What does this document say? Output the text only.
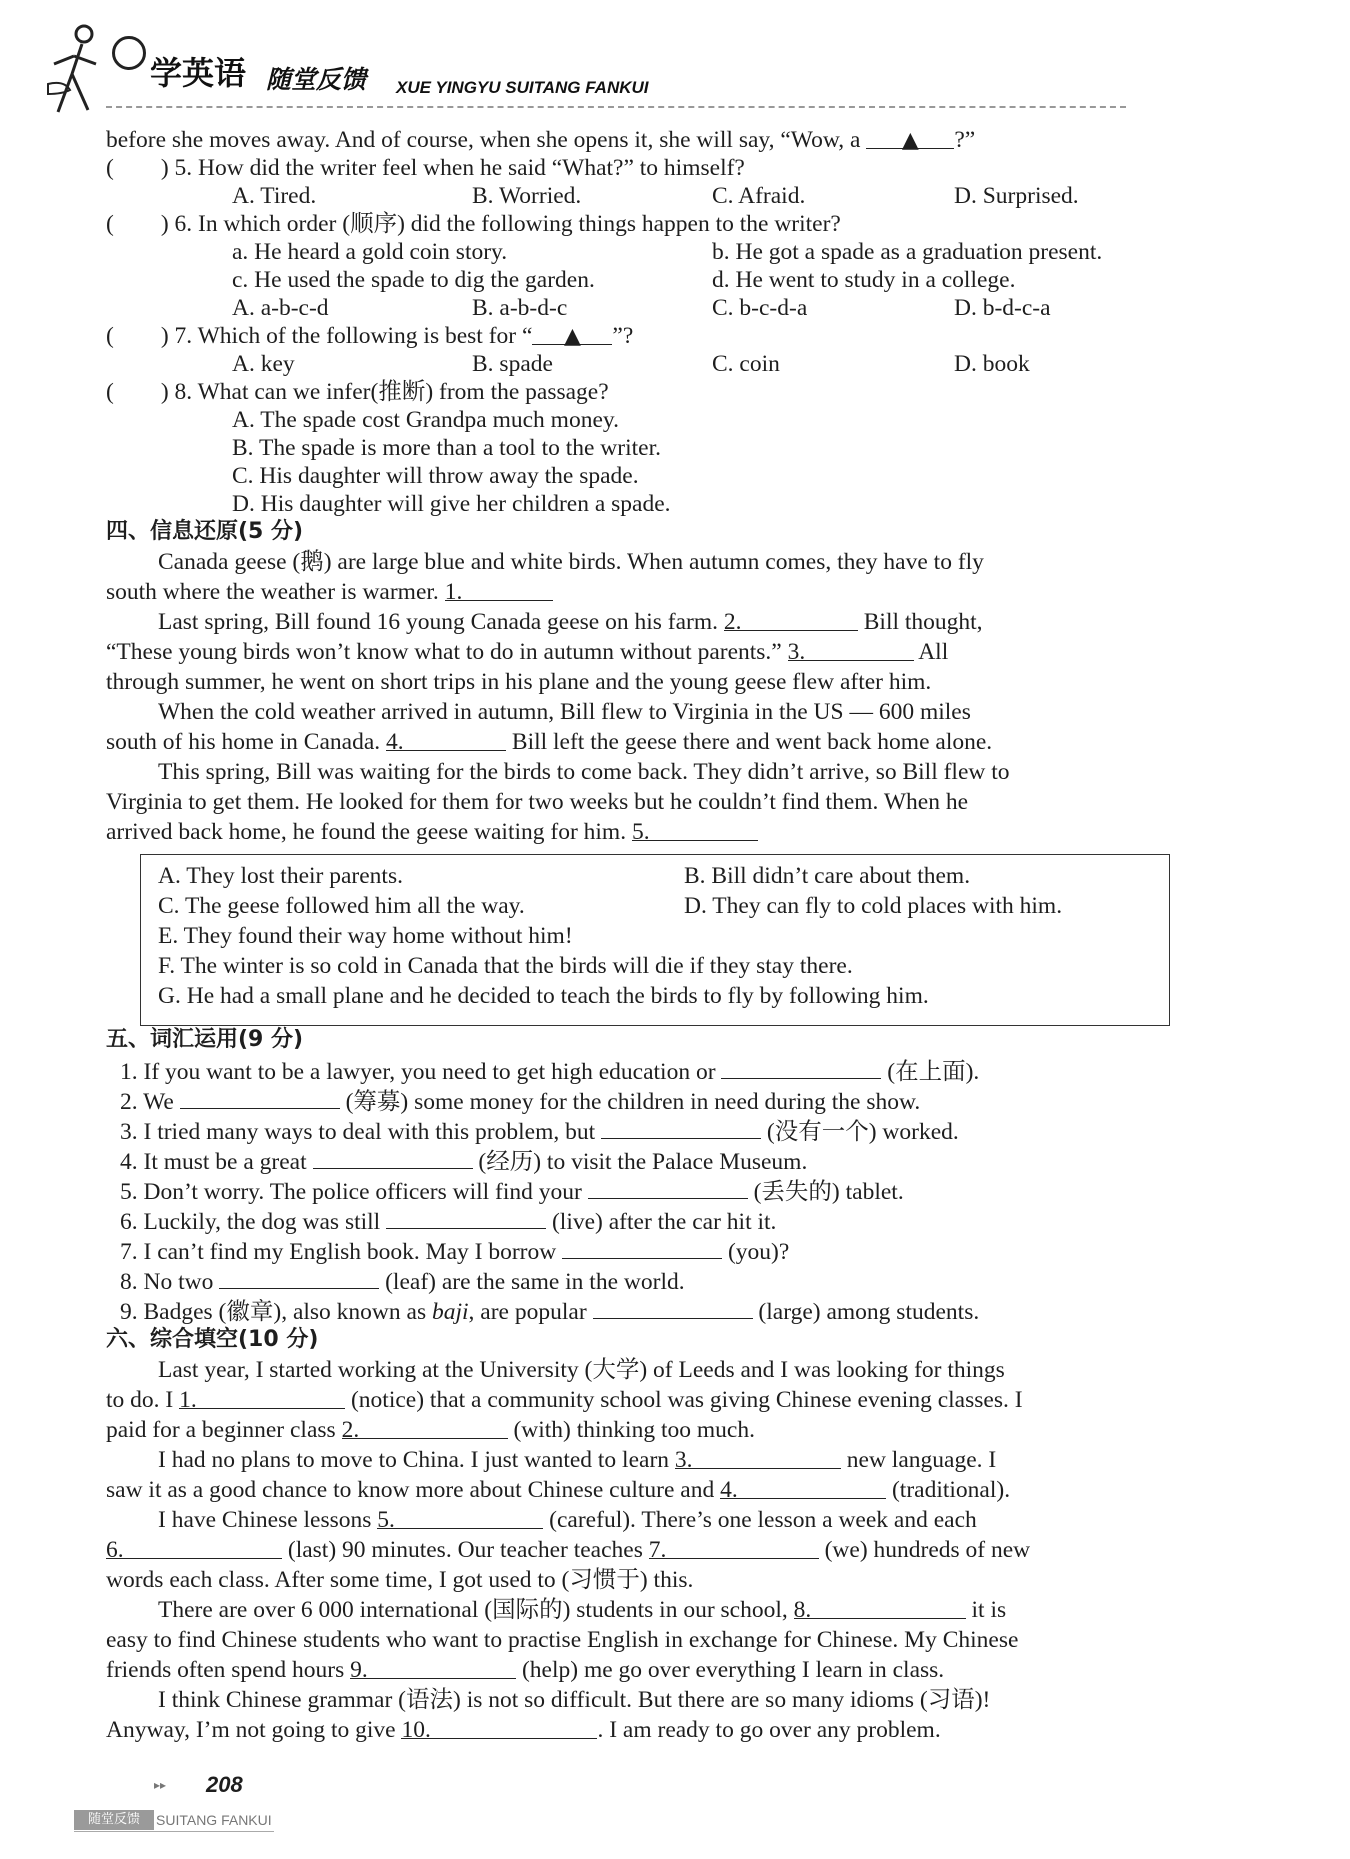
学英语 随堂反馈 XUE YINGYU SUITANG FANKUI
before she moves away. And of course, when she opens it, she will say, “Wow, a ▲ ?”
(　　) 5. How did the writer feel when he said “What?” to himself?
A. Tired.	B. Worried.	C. Afraid.	D. Surprised.
(　　) 6. In which order (顺序) did the following things happen to the writer?
a. He heard a gold coin story.	b. He got a spade as a graduation present.
c. He used the spade to dig the garden.	d. He went to study in a college.
A. a-b-c-d	B. a-b-d-c	C. b-c-d-a	D. b-d-c-a
(　　) 7. Which of the following is best for “ ▲ ”?
A. key	B. spade	C. coin	D. book
(　　) 8. What can we infer(推断) from the passage?
A. The spade cost Grandpa much money.
B. The spade is more than a tool to the writer.
C. His daughter will throw away the spade.
D. His daughter will give her children a spade.
四、信息还原(5 分)
Canada geese (鹅) are large blue and white birds. When autumn comes, they have to fly
south where the weather is warmer. 1.
Last spring, Bill found 16 young Canada geese on his farm. 2.	Bill thought,
“These young birds won’t know what to do in autumn without parents.” 3.	All
through summer, he went on short trips in his plane and the young geese flew after him.
When the cold weather arrived in autumn, Bill flew to Virginia in the US — 600 miles
south of his home in Canada. 4.	Bill left the geese there and went back home alone.
This spring, Bill was waiting for the birds to come back. They didn’t arrive, so Bill flew to
Virginia to get them. He looked for them for two weeks but he couldn’t find them. When he
arrived back home, he found the geese waiting for him. 5.
A. They lost their parents.	B. Bill didn’t care about them.
C. The geese followed him all the way.	D. They can fly to cold places with him.
E. They found their way home without him!
F. The winter is so cold in Canada that the birds will die if they stay there.
G. He had a small plane and he decided to teach the birds to fly by following him.
五、词汇运用(9 分)
1. If you want to be a lawyer, you need to get high education or	(在上面).
2. We	(筹募) some money for the children in need during the show.
3. I tried many ways to deal with this problem, but	(没有一个) worked.
4. It must be a great	(经历) to visit the Palace Museum.
5. Don’t worry. The police officers will find your	(丢失的) tablet.
6. Luckily, the dog was still	(live) after the car hit it.
7. I can’t find my English book. May I borrow	(you)?
8. No two	(leaf) are the same in the world.
9. Badges (徽章), also known as baji, are popular	(large) among students.
六、综合填空(10 分)
Last year, I started working at the University (大学) of Leeds and I was looking for things
to do. I 1.	(notice) that a community school was giving Chinese evening classes. I
paid for a beginner class 2.	(with) thinking too much.
I had no plans to move to China. I just wanted to learn 3.	new language. I
saw it as a good chance to know more about Chinese culture and 4.	(traditional).
I have Chinese lessons 5.	(careful). There’s one lesson a week and each
6.	(last) 90 minutes. Our teacher teaches 7.	(we) hundreds of new
words each class. After some time, I got used to (习惯于) this.
There are over 6 000 international (国际的) students in our school, 8.	it is
easy to find Chinese students who want to practise English in exchange for Chinese. My Chinese
friends often spend hours 9.	(help) me go over everything I learn in class.
I think Chinese grammar (语法) is not so difficult. But there are so many idioms (习语)!
Anyway, I’m not going to give 10.	. I am ready to go over any problem.
▸▸ 208
随堂反馈	SUITANG FANKUI
